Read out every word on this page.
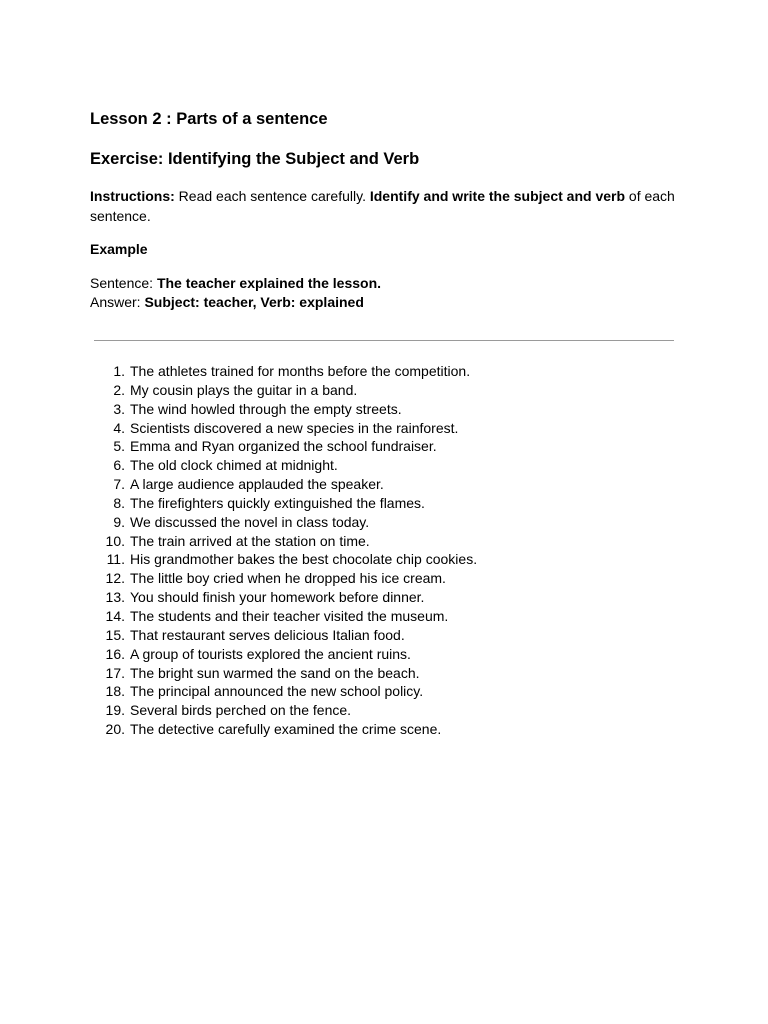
Lesson 2 : Parts of a sentence
Exercise: Identifying the Subject and Verb

Instructions: Read each sentence carefully. Identify and write the subject and verb of each sentence.

Example

Sentence: The teacher explained the lesson.

Answer: Subject: teacher, Verb: explained

1. The athletes trained for months before the competition.
2. My cousin plays the guitar in a band.
3. The wind howled through the empty streets.
4. Scientists discovered a new species in the rainforest.
5. Emma and Ryan organized the school fundraiser.
6. The old clock chimed at midnight.
7. A large audience applauded the speaker.
8. The firefighters quickly extinguished the flames.
9. We discussed the novel in class today.
10. The train arrived at the station on time.
11. His grandmother bakes the best chocolate chip cookies.
12. The little boy cried when he dropped his ice cream.
13. You should finish your homework before dinner.
14. The students and their teacher visited the museum.
15. That restaurant serves delicious Italian food.
16. A group of tourists explored the ancient ruins.
17. The bright sun warmed the sand on the beach.
18. The principal announced the new school policy.
19. Several birds perched on the fence.
20. The detective carefully examined the crime scene.
